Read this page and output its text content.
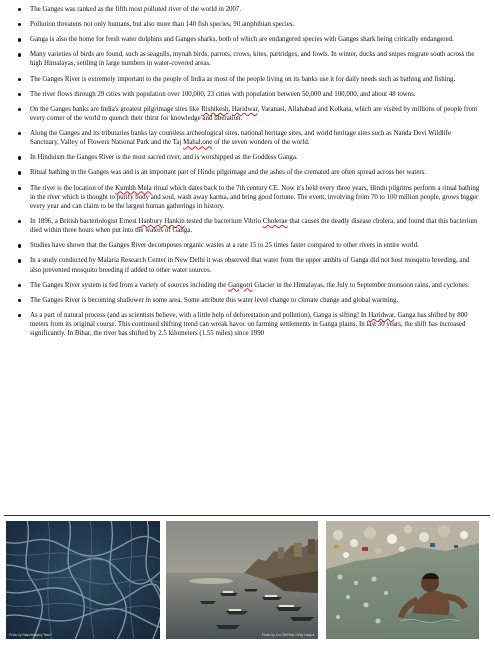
The Ganges was ranked as the fifth most polluted river of the world in 2007.
Pollution threatens not only humans, but also more than 140 fish species, 90 amphibian species.
Ganga is also the home for fresh water dolphins and Ganges sharks, both of which are endangered species with Ganges shark being critically endangered.
Many varieties of birds are found, such as seagulls, mynah birds, parrots, crows, kites, partridges, and fowls. In winter, ducks and snipes migrate south across the high Himalayas, settling in large numbers in water-covered areas.
The Ganges River is extremely important to the people of India as most of the people living on its banks use it for daily needs such as bathing and fishing.
The river flows through 29 cities with population over 100,000, 23 cities with population between 50,000 and 100,000, and about 48 towns.
On the Ganges banks are India's greatest pilgrimage sites like Rishikesh, Haridwar, Varanasi, Allahabad and Kolkata, which are visited by millions of people from every corner of the world to quench their thirst for knowledge and liberation.
Along the Ganges and its tributaries banks lay countless archeological sites, national heritage sites, and world heritage sites such as Nanda Devi Wildlife Sanctuary, Valley of Flowers National Park and the Taj Mahal,one of the seven wonders of the world.
In Hinduism the Ganges River is the most sacred river, and is worshipped as the Goddess Ganga.
Ritual bathing in the Ganges was and is an important part of Hindu pilgrimage and the ashes of the cremated are often spread across her waters.
The river is the location of the Kumbh Mela ritual which dates back to the 7th century CE. Now it's held every three years, Hindu pilgrims perform a ritual bathing in the river which is thought to purify body and soul, wash away karma, and bring good fortune. The event, involving from 70 to 100 million people, grows bigger every year and can claim to be the largest human gatherings in history.
In 1896, a British bacteriologist Ernest Hanbury Hankin tested the bacterium Vibrio Cholerae that causes the deadly disease cholera, and found that this bacterium died within three hours when put into the waters of Ganga.
Studies have shown that the Ganges River decomposes organic wastes at a rate 15 to 25 times faster compared to other rivers in entire world.
In a study conducted by Malaria Research Center in New Delhi it was observed that water from the upper ambits of Ganga did not host mosquito breeding, and also prevented mosquito breeding if added to other water sources.
The Ganges River system is fed from a variety of sources including the Gangotri Glacier in the Himalayas, the July to September monsoon rains, and cyclones.
The Ganges River is becoming shallower in some area. Some attribute this water level change to climate change and global warming.
As a part of natural process (and as scientists believe, with a little help of deforestation and pollution), Ganga is sifting! In Haridwar, Ganga has shifted by 800 meters from its original course. This continued shifting trend can wreak havoc on farming settlements in Ganga plains. In last 30 years, the shift has increased significantly. In Bihar, the river has shifted by 2.5 kilometers (1.55 miles) since 1990
Photo by Nasa/Imagery Team	Photo by Jon Gill/Flickr Getty Images
